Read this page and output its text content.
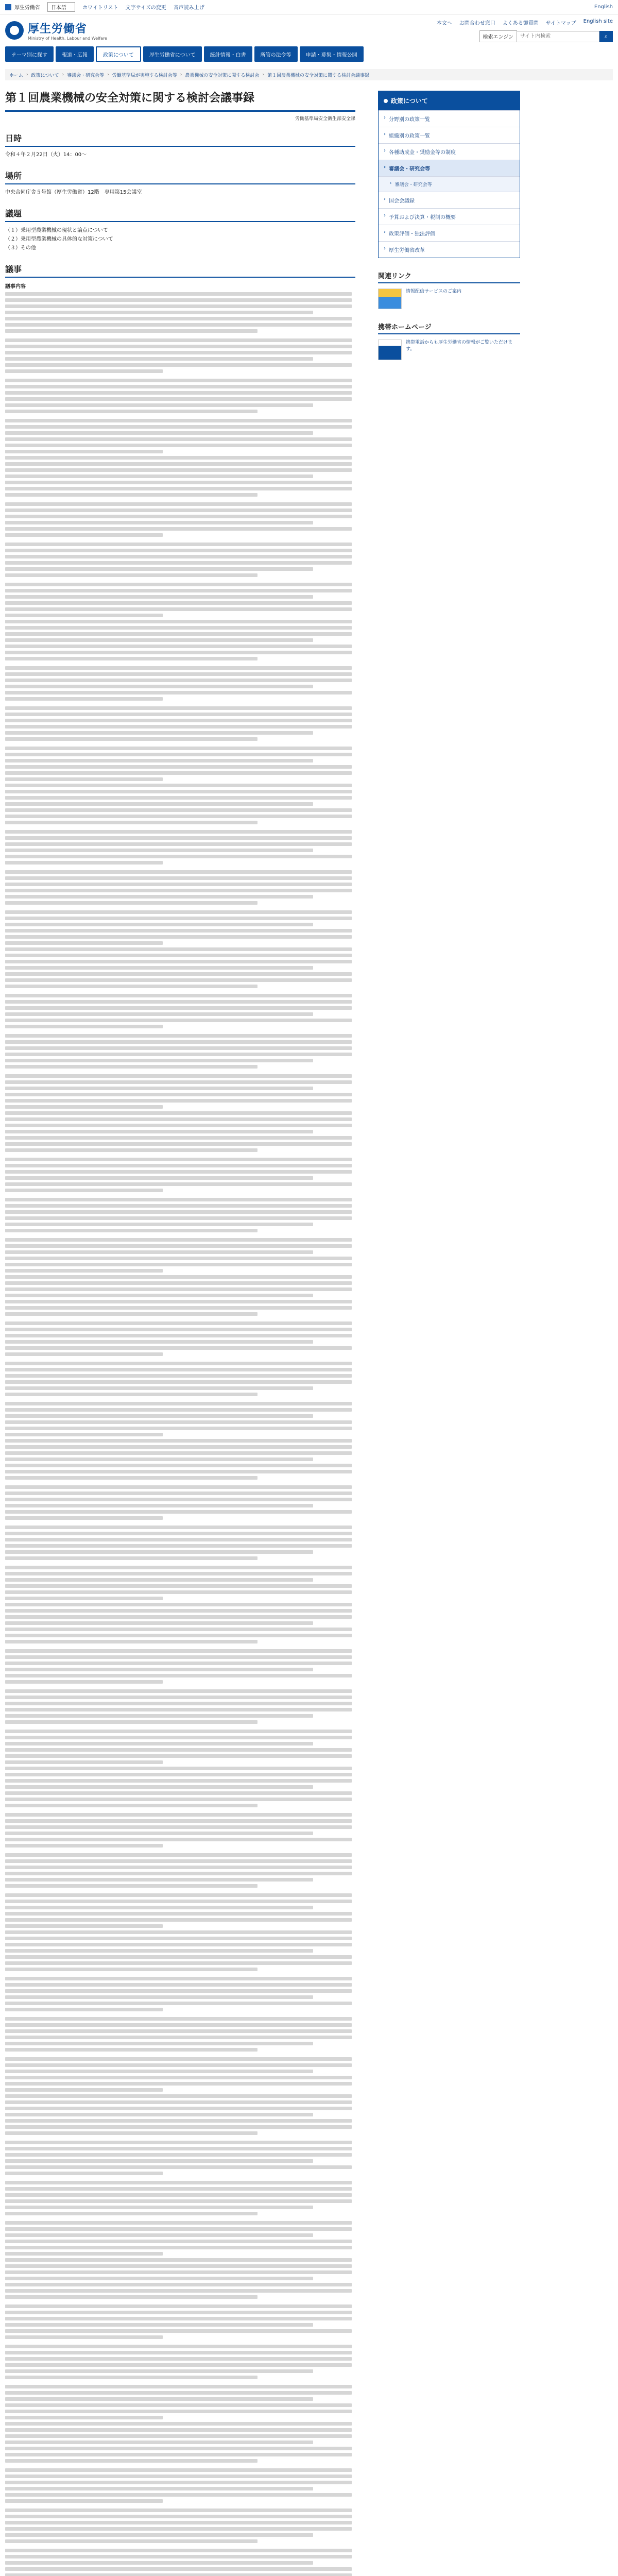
厚生労働省	日本語	ホワイトリスト 文字サイズの変更 音声読み上げ	English
厚生労働省
Ministry of Health, Labour and Welfare
本文へ お問合わせ窓口 よくある御質問 サイトマップ English site
検索エンジン
サイト内検索	⌕
テーマ別に探す	報道・広報	政策について	厚生労働省について	統計情報・白書	所管の法令等	申請・募集・情報公開
ホーム › 政策について › 審議会・研究会等 › 労働基準局が実施する検討会等 › 農業機械の安全対策に関する検討会 › 第１回農業機械の安全対策に関する検討会議事録
第１回農業機械の安全対策に関する検討会議事録
労働基準局安全衛生部安全課
日時
令和４年２月22日（火）14：00～
場所
中央合同庁舎５号館（厚生労働省）12階　専用第15会議室
議題
（１）乗用型農業機械の現状と論点について
（２）乗用型農業機械の具体的な対策について
（３）その他
議事
議事内容
政策について
› 分野別の政策一覧
› 組織別の政策一覧
› 各種助成金・奨励金等の制度
› 審議会・研究会等
› 審議会・研究会等
› 国会会議録
› 予算および決算・税制の概要
› 政策評価・独法評価
› 厚生労働省改革
関連リンク
情報配信サービスのご案内
携帯ホームページ
携帯電話からも厚生労働省の情報がご覧いただけます。
